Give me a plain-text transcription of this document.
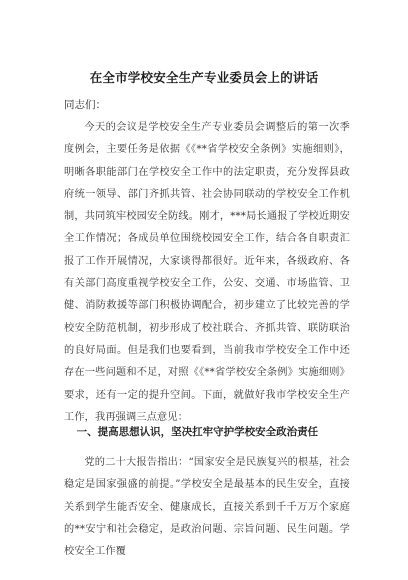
在全市学校安全生产专业委员会上的讲话
同志们：
今天的会议是学校安全生产专业委员会调整后的第一次季度例会，主要任务是依据《《**省学校安全条例》实施细则》，明晰各职能部门在学校安全工作中的法定职责，充分发挥县政府统一领导、部门齐抓共管、社会协同联动的学校安全工作机制，共同筑牢校园安全防线。刚才，***局长通报了学校近期安全工作情况；各成员单位围绕校园安全工作，结合各自职责汇报了工作开展情况，大家谈得都很好。近年来，各级政府、各有关部门高度重视学校安全工作，公安、交通、市场监管、卫健、消防救援等部门积极协调配合，初步建立了比较完善的学校安全防范机制，初步形成了校社联合、齐抓共管、联防联治的良好局面。但是我们也要看到，当前我市学校安全工作中还存在一些问题和不足，对照《《**省学校安全条例》实施细则》要求，还有一定的提升空间。下面，就做好我市学校安全生产工作，我再强调三点意见：
一、提高思想认识，坚决扛牢守护学校安全政治责任
党的二十大报告指出：“国家安全是民族复兴的根基，社会稳定是国家强盛的前提。”学校安全是最基本的民生安全，直接关系到学生能否安全、健康成长，直接关系到千千万万个家庭的**安宁和社会稳定，是政治问题、宗旨问题、民生问题。学校安全工作覆
